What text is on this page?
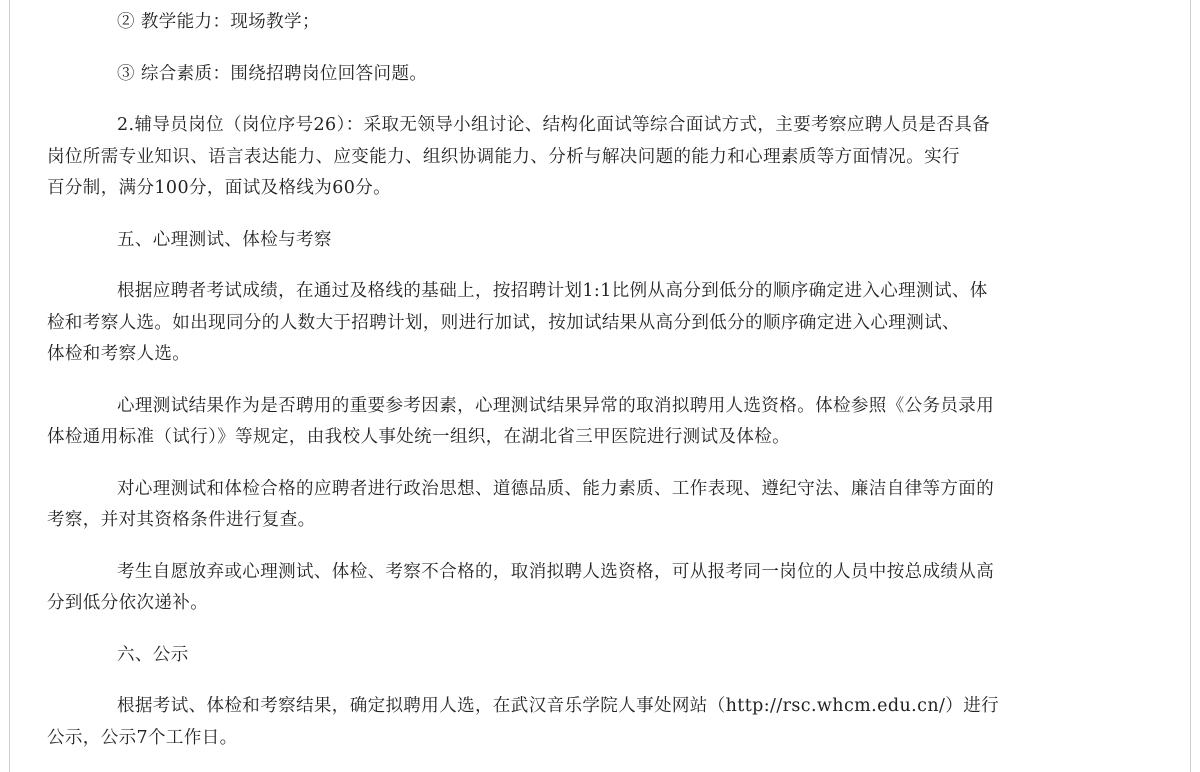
② 教学能力：现场教学；

③ 综合素质：围绕招聘岗位回答问题。

2.辅导员岗位（岗位序号26）：采取无领导小组讨论、结构化面试等综合面试方式，主要考察应聘人员是否具备
岗位所需专业知识、语言表达能力、应变能力、组织协调能力、分析与解决问题的能力和心理素质等方面情况。实行
百分制，满分100分，面试及格线为60分。

五、心理测试、体检与考察

根据应聘者考试成绩，在通过及格线的基础上，按招聘计划1:1比例从高分到低分的顺序确定进入心理测试、体
检和考察人选。如出现同分的人数大于招聘计划，则进行加试，按加试结果从高分到低分的顺序确定进入心理测试、
体检和考察人选。

心理测试结果作为是否聘用的重要参考因素，心理测试结果异常的取消拟聘用人选资格。体检参照《公务员录用
体检通用标准（试行）》等规定，由我校人事处统一组织，在湖北省三甲医院进行测试及体检。

对心理测试和体检合格的应聘者进行政治思想、道德品质、能力素质、工作表现、遵纪守法、廉洁自律等方面的
考察，并对其资格条件进行复查。

考生自愿放弃或心理测试、体检、考察不合格的，取消拟聘人选资格，可从报考同一岗位的人员中按总成绩从高
分到低分依次递补。

六、公示

根据考试、体检和考察结果，确定拟聘用人选，在武汉音乐学院人事处网站（http://rsc.whcm.edu.cn/）进行
公示，公示7个工作日。
